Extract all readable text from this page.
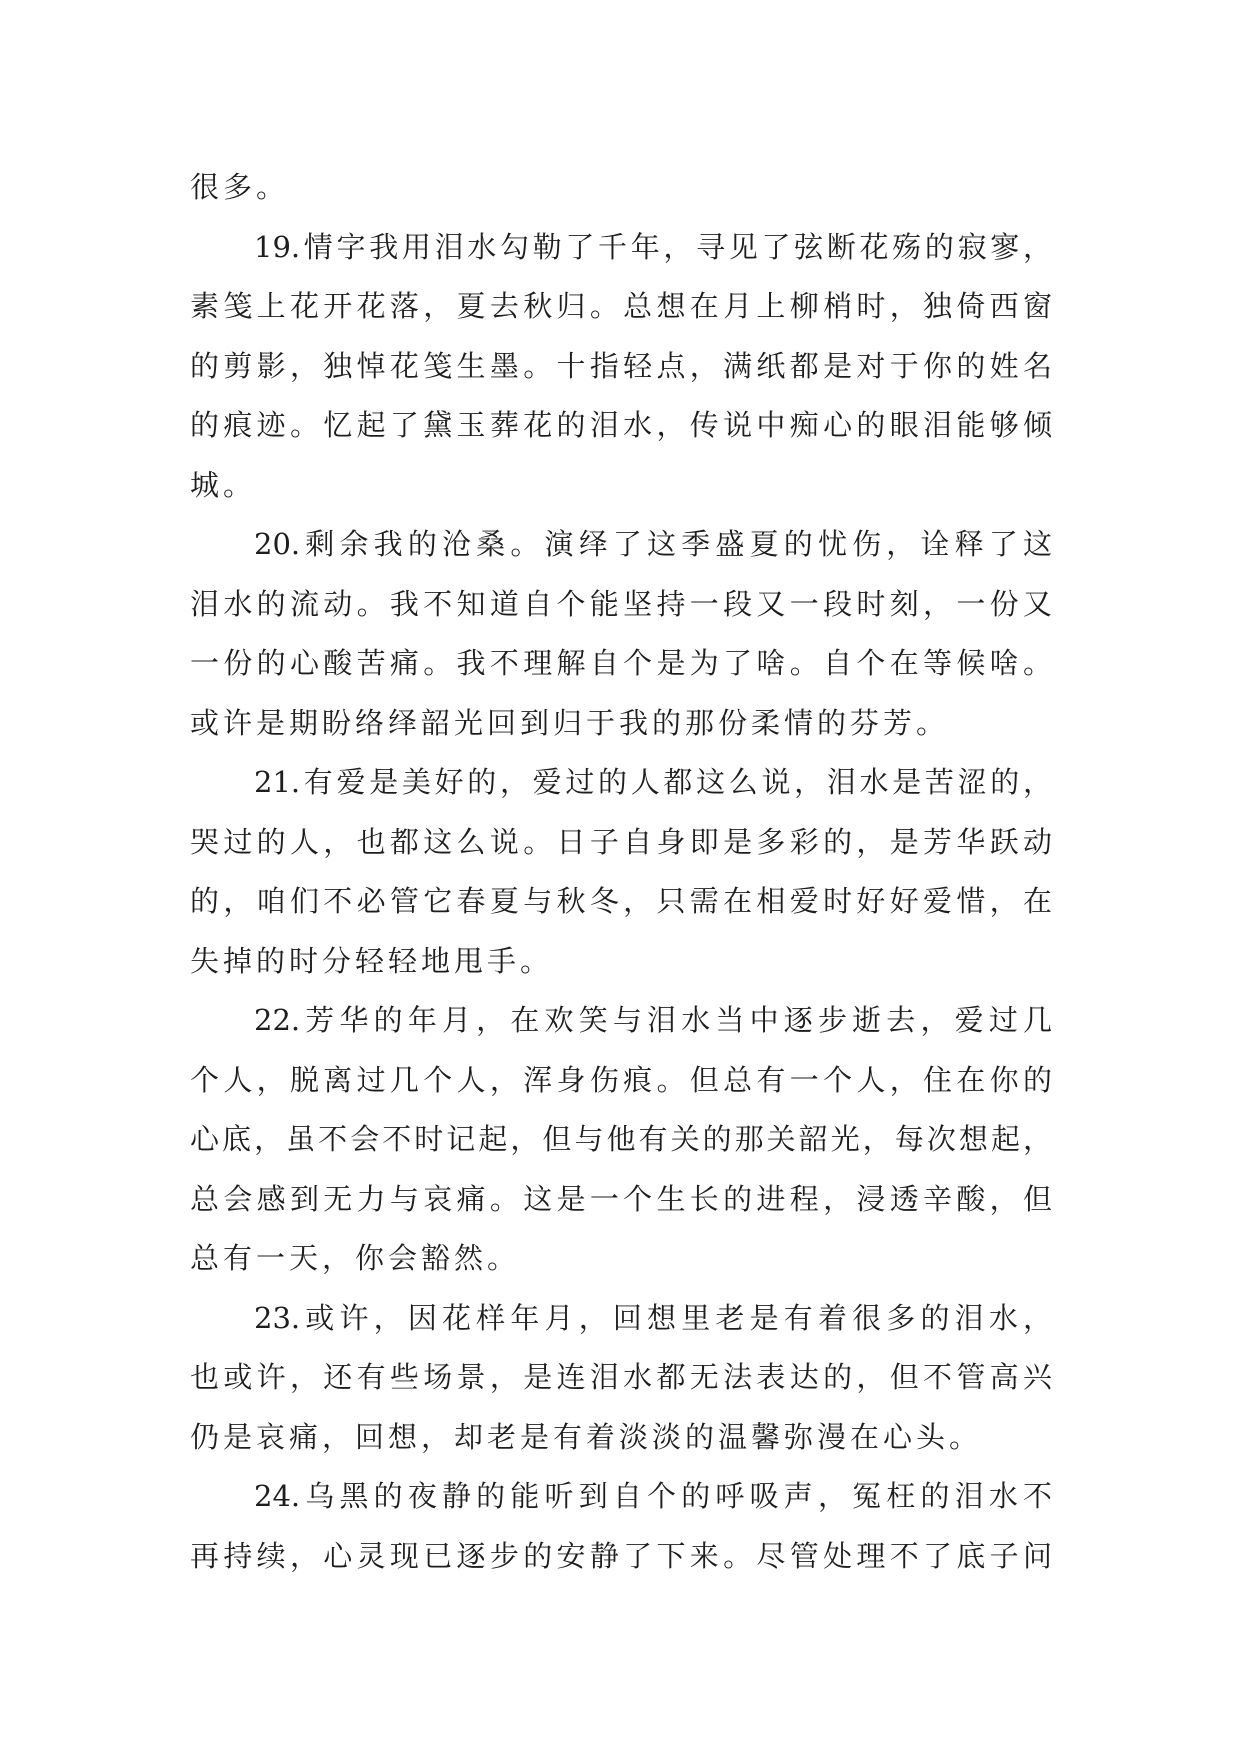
很多。
19.情字我用泪水勾勒了千年，寻见了弦断花殇的寂寥，
素笺上花开花落，夏去秋归。总想在月上柳梢时，独倚西窗
的剪影，独悼花笺生墨。十指轻点，满纸都是对于你的姓名
的痕迹。忆起了黛玉葬花的泪水，传说中痴心的眼泪能够倾
城。
20.剩余我的沧桑。演绎了这季盛夏的忧伤，诠释了这
泪水的流动。我不知道自个能坚持一段又一段时刻，一份又
一份的心酸苦痛。我不理解自个是为了啥。自个在等候啥。
或许是期盼络绎韶光回到归于我的那份柔情的芬芳。
21.有爱是美好的，爱过的人都这么说，泪水是苦涩的，
哭过的人，也都这么说。日子自身即是多彩的，是芳华跃动
的，咱们不必管它春夏与秋冬，只需在相爱时好好爱惜，在
失掉的时分轻轻地甩手。
22.芳华的年月，在欢笑与泪水当中逐步逝去，爱过几
个人，脱离过几个人，浑身伤痕。但总有一个人，住在你的
心底，虽不会不时记起，但与他有关的那关韶光，每次想起，
总会感到无力与哀痛。这是一个生长的进程，浸透辛酸，但
总有一天，你会豁然。
23.或许，因花样年月，回想里老是有着很多的泪水，
也或许，还有些场景，是连泪水都无法表达的，但不管高兴
仍是哀痛，回想，却老是有着淡淡的温馨弥漫在心头。
24.乌黑的夜静的能听到自个的呼吸声，冤枉的泪水不
再持续，心灵现已逐步的安静了下来。尽管处理不了底子问
